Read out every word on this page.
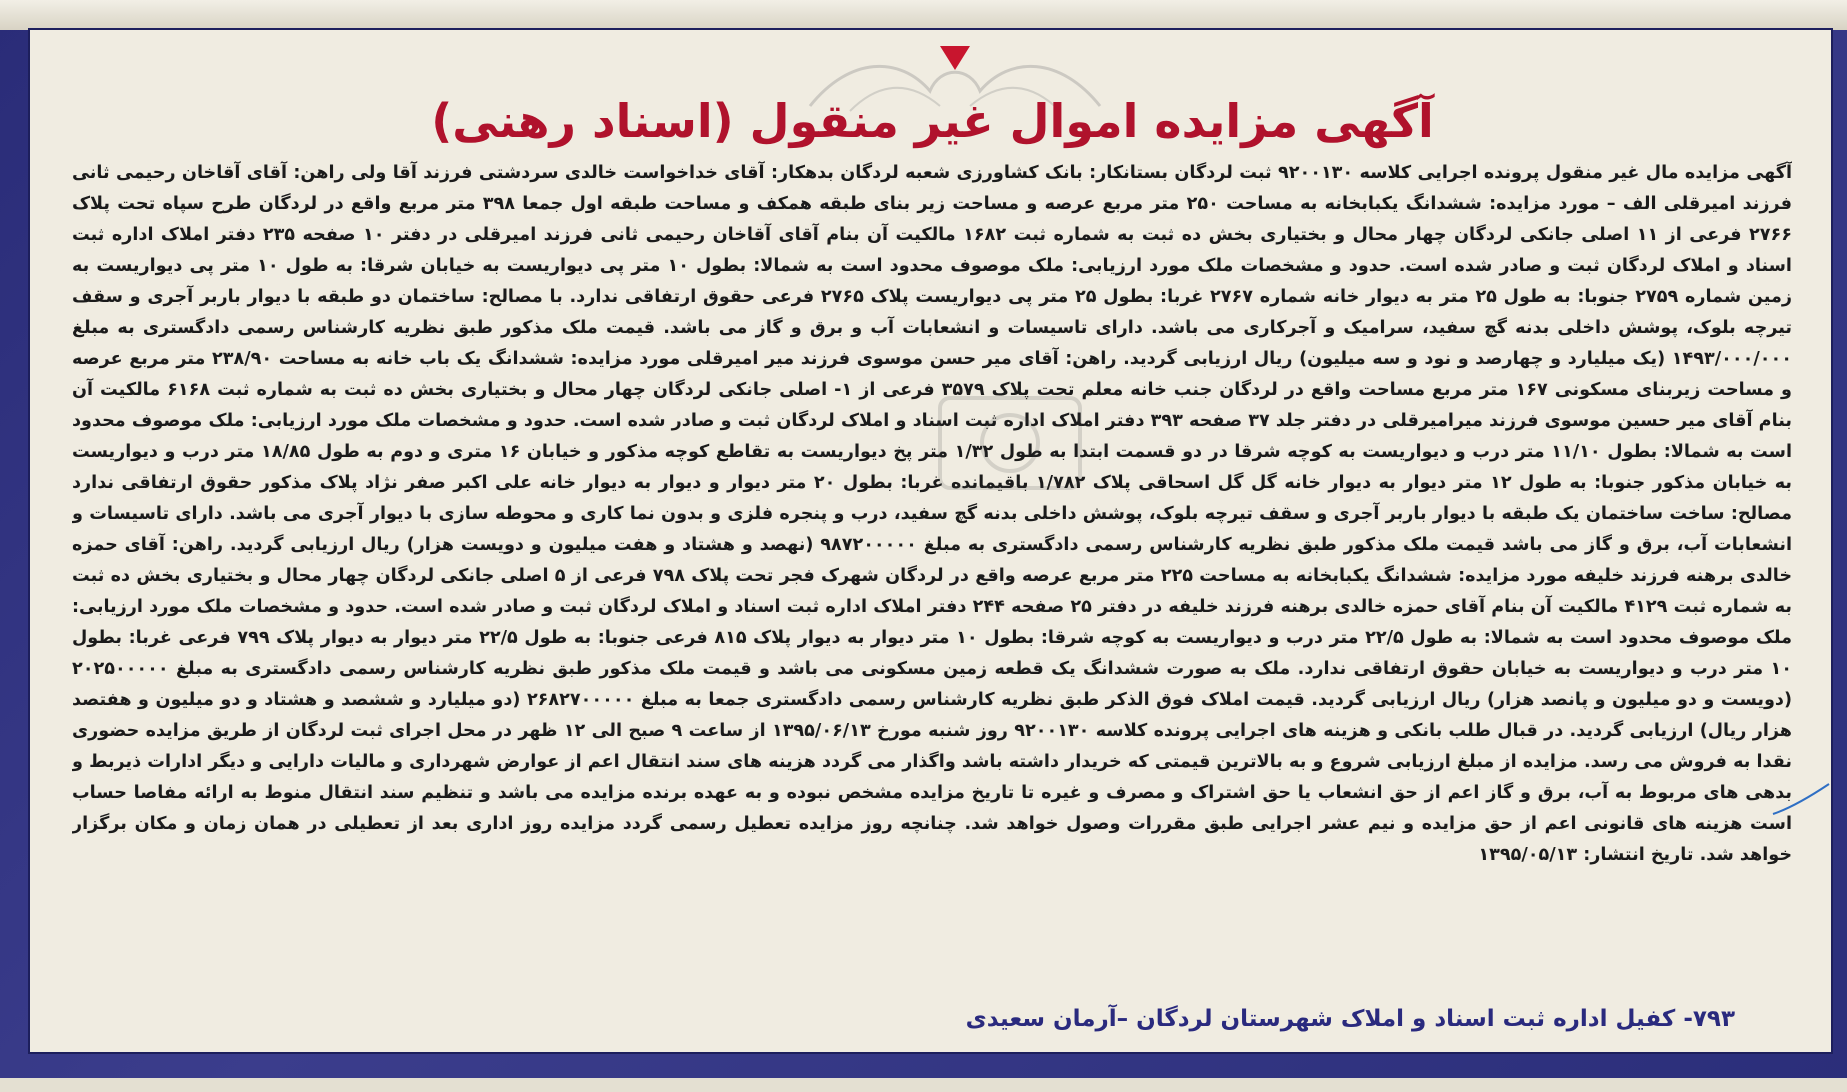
آگهی مزایده اموال غیر منقول (اسناد رهنی)
آگهی مزایده مال غیر منقول پرونده اجرایی کلاسه ۹۲۰۰۱۳۰ ثبت لردگان بستانکار: بانک کشاورزی شعبه لردگان بدهکار: آقای خداخواست خالدی سردشتی فرزند آقا ولی راهن: آقای آقاخان رحیمی ثانی فرزند امیرقلی الف – مورد مزایده: ششدانگ یکبابخانه به مساحت ۲۵۰ متر مربع عرصه و مساحت زیر بنای طبقه همکف و مساحت طبقه اول جمعا ۳۹۸ متر مربع واقع در لردگان طرح سپاه تحت پلاک ۲۷۶۶ فرعی از ۱۱ اصلی جانکی لردگان چهار محال و بختیاری بخش ده ثبت به شماره ثبت ۱۶۸۲ مالکیت آن بنام آقای آقاخان رحیمی ثانی فرزند امیرقلی در دفتر ۱۰ صفحه ۲۳۵ دفتر املاک اداره ثبت اسناد و املاک لردگان ثبت و صادر شده است. حدود و مشخصات ملک مورد ارزیابی: ملک موصوف محدود است به شمالا: بطول ۱۰ متر پی دیواریست به خیابان شرقا: به طول ۱۰ متر پی دیواریست به زمین شماره ۲۷۵۹ جنوبا: به طول ۲۵ متر به دیوار خانه شماره ۲۷۶۷ غربا: بطول ۲۵ متر پی دیواریست پلاک ۲۷۶۵ فرعی حقوق ارتفاقی ندارد. با مصالح: ساختمان دو طبقه با دیوار باربر آجری و سقف تیرچه بلوک، پوشش داخلی بدنه گچ سفید، سرامیک و آجرکاری می باشد. دارای تاسیسات و انشعابات آب و برق و گاز می باشد. قیمت ملک مذکور طبق نظریه کارشناس رسمی دادگستری به مبلغ ۱۴۹۳/۰۰۰/۰۰۰ (یک میلیارد و چهارصد و نود و سه میلیون) ریال ارزیابی گردید. راهن: آقای میر حسن موسوی فرزند میر امیرقلی مورد مزایده: ششدانگ یک باب خانه به مساحت ۲۳۸/۹۰ متر مربع عرصه و مساحت زیربنای مسکونی ۱۶۷ متر مربع مساحت واقع در لردگان جنب خانه معلم تحت پلاک ۳۵۷۹ فرعی از ۱- اصلی جانکی لردگان چهار محال و بختیاری بخش ده ثبت به شماره ثبت ۶۱۶۸ مالکیت آن بنام آقای میر حسین موسوی فرزند میرامیرقلی در دفتر جلد ۳۷ صفحه ۳۹۳ دفتر املاک اداره ثبت اسناد و املاک لردگان ثبت و صادر شده است. حدود و مشخصات ملک مورد ارزیابی: ملک موصوف محدود است به شمالا: بطول ۱۱/۱۰ متر درب و دیواریست به کوچه شرقا در دو قسمت ابتدا به طول ۱/۳۲ متر پخ دیواریست به تقاطع کوچه مذکور و خیابان ۱۶ متری و دوم به طول ۱۸/۸۵ متر درب و دیواریست به خیابان مذکور جنوبا: به طول ۱۲ متر دیوار به دیوار خانه گل گل اسحاقی پلاک ۱/۷۸۲ باقیمانده غربا: بطول ۲۰ متر دیوار و دیوار به دیوار خانه علی اکبر صفر نژاد پلاک مذکور حقوق ارتفاقی ندارد مصالح: ساخت ساختمان یک طبقه با دیوار باربر آجری و سقف تیرچه بلوک، پوشش داخلی بدنه گچ سفید، درب و پنجره فلزی و بدون نما کاری و محوطه سازی با دیوار آجری می باشد. دارای تاسیسات و انشعابات آب، برق و گاز می باشد قیمت ملک مذکور طبق نظریه کارشناس رسمی دادگستری به مبلغ ۹۸۷۲۰۰۰۰۰ (نهصد و هشتاد و هفت میلیون و دویست هزار) ریال ارزیابی گردید. راهن: آقای حمزه خالدی برهنه فرزند خلیفه مورد مزایده: ششدانگ یکبابخانه به مساحت ۲۲۵ متر مربع عرصه واقع در لردگان شهرک فجر تحت پلاک ۷۹۸ فرعی از ۵ اصلی جانکی لردگان چهار محال و بختیاری بخش ده ثبت به شماره ثبت ۴۱۲۹ مالکیت آن بنام آقای حمزه خالدی برهنه فرزند خلیفه در دفتر ۲۵ صفحه ۲۴۴ دفتر املاک اداره ثبت اسناد و املاک لردگان ثبت و صادر شده است. حدود و مشخصات ملک مورد ارزیابی: ملک موصوف محدود است به شمالا: به طول ۲۲/۵ متر درب و دیواریست به کوچه شرقا: بطول ۱۰ متر دیوار به دیوار پلاک ۸۱۵ فرعی جنوبا: به طول ۲۲/۵ متر دیوار به دیوار پلاک ۷۹۹ فرعی غربا: بطول ۱۰ متر درب و دیواریست به خیابان حقوق ارتفاقی ندارد. ملک به صورت ششدانگ یک قطعه زمین مسکونی می باشد و قیمت ملک مذکور طبق نظریه کارشناس رسمی دادگستری به مبلغ ۲۰۲۵۰۰۰۰۰ (دویست و دو میلیون و پانصد هزار) ریال ارزیابی گردید. قیمت املاک فوق الذکر طبق نظریه کارشناس رسمی دادگستری جمعا به مبلغ ۲۶۸۲۷۰۰۰۰۰ (دو میلیارد و ششصد و هشتاد و دو میلیون و هفتصد هزار ریال) ارزیابی گردید. در قبال طلب بانکی و هزینه های اجرایی پرونده کلاسه ۹۲۰۰۱۳۰ روز شنبه مورخ ۱۳۹۵/۰۶/۱۳ از ساعت ۹ صبح الی ۱۲ ظهر در محل اجرای ثبت لردگان از طریق مزایده حضوری نقدا به فروش می رسد. مزایده از مبلغ ارزیابی شروع و به بالاترین قیمتی که خریدار داشته باشد واگذار می گردد هزینه های سند انتقال اعم از عوارض شهرداری و مالیات دارایی و دیگر ادارات ذیربط و بدهی های مربوط به آب، برق و گاز اعم از حق انشعاب یا حق اشتراک و مصرف و غیره تا تاریخ مزایده مشخص نبوده و به عهده برنده مزایده می باشد و تنظیم سند انتقال منوط به ارائه مفاصا حساب است هزینه های قانونی اعم از حق مزایده و نیم عشر اجرایی طبق مقررات وصول خواهد شد. چنانچه روز مزایده تعطیل رسمی گردد مزایده روز اداری بعد از تعطیلی در همان زمان و مکان برگزار خواهد شد. تاریخ انتشار: ۱۳۹۵/۰۵/۱۳
۷۹۳- کفیل اداره ثبت اسناد و املاک شهرستان لردگان –آرمان سعیدی
